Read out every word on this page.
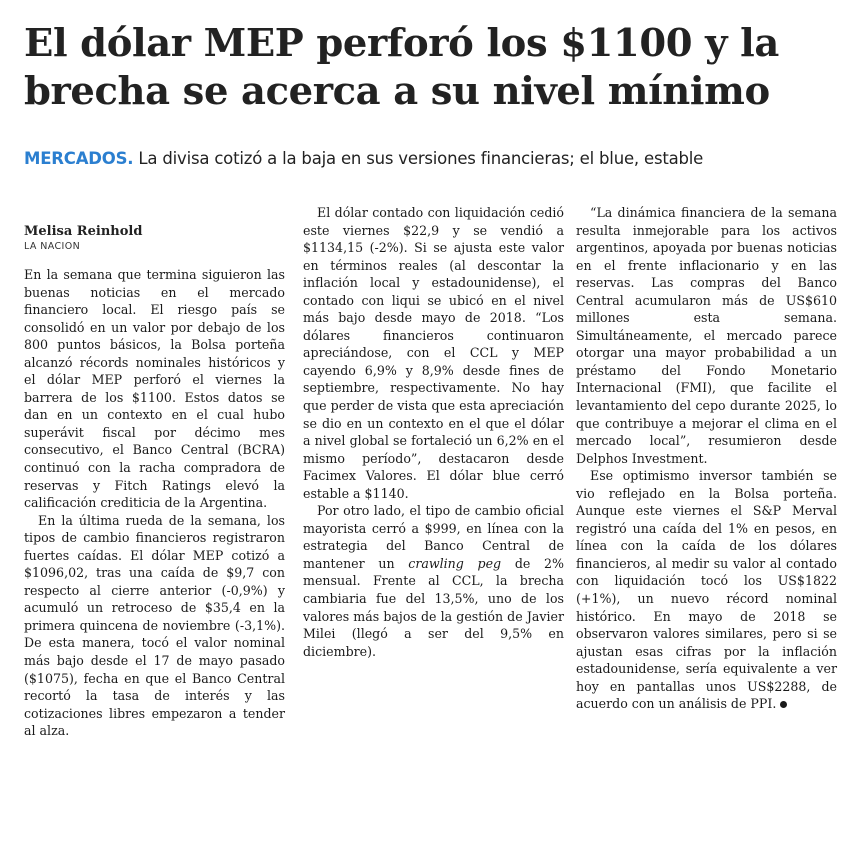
El dólar MEP perforó los $1100 y la
brecha se acerca a su nivel mínimo

MERCADOS. La divisa cotizó a la baja en sus versiones financieras; el blue, estable

Melisa Reinhold
LA NACION

En la semana que termina siguieron las buenas noticias en el mercado financiero local. El riesgo país se consolidó en un valor por debajo de los 800 puntos básicos, la Bolsa porteña alcanzó récords nominales históricos y el dólar MEP perforó el viernes la barrera de los $1100. Estos datos se dan en un contexto en el cual hubo superávit fiscal por décimo mes consecutivo, el Banco Central (BCRA) continuó con la racha compradora de reservas y Fitch Ratings elevó la calificación crediticia de la Argentina.

En la última rueda de la semana, los tipos de cambio financieros registraron fuertes caídas. El dólar MEP cotizó a $1096,02, tras una caída de $9,7 con respecto al cierre anterior (-0,9%) y acumuló un retroceso de $35,4 en la primera quincena de noviembre (-3,1%). De esta manera, tocó el valor nominal más bajo desde el 17 de mayo pasado ($1075), fecha en que el Banco Central recortó la tasa de interés y las cotizaciones libres empezaron a tender al alza.

El dólar contado con liquidación cedió este viernes $22,9 y se vendió a $1134,15 (-2%). Si se ajusta este valor en términos reales (al descontar la inflación local y estadounidense), el contado con liqui se ubicó en el nivel más bajo desde mayo de 2018. “Los dólares financieros continuaron apreciándose, con el CCL y MEP cayendo 6,9% y 8,9% desde fines de septiembre, respectivamente. No hay que perder de vista que esta apreciación se dio en un contexto en el que el dólar a nivel global se fortaleció un 6,2% en el mismo período”, destacaron desde Facimex Valores. El dólar blue cerró estable a $1140.

Por otro lado, el tipo de cambio oficial mayorista cerró a $999, en línea con la estrategia del Banco Central de mantener un crawling peg de 2% mensual. Frente al CCL, la brecha cambiaria fue del 13,5%, uno de los valores más bajos de la gestión de Javier Milei (llegó a ser del 9,5% en diciembre).

“La dinámica financiera de la semana resulta inmejorable para los activos argentinos, apoyada por buenas noticias en el frente inflacionario y en las reservas. Las compras del Banco Central acumularon más de US$610 millones esta semana. Simultáneamente, el mercado parece otorgar una mayor probabilidad a un préstamo del Fondo Monetario Internacional (FMI), que facilite el levantamiento del cepo durante 2025, lo que contribuye a mejorar el clima en el mercado local”, resumieron desde Delphos Investment.

Ese optimismo inversor también se vio reflejado en la Bolsa porteña. Aunque este viernes el S&P Merval registró una caída del 1% en pesos, en línea con la caída de los dólares financieros, al medir su valor al contado con liquidación tocó los US$1822 (+1%), un nuevo récord nominal histórico. En mayo de 2018 se observaron valores similares, pero si se ajustan esas cifras por la inflación estadounidense, sería equivalente a ver hoy en pantallas unos US$2288, de acuerdo con un análisis de PPI.
